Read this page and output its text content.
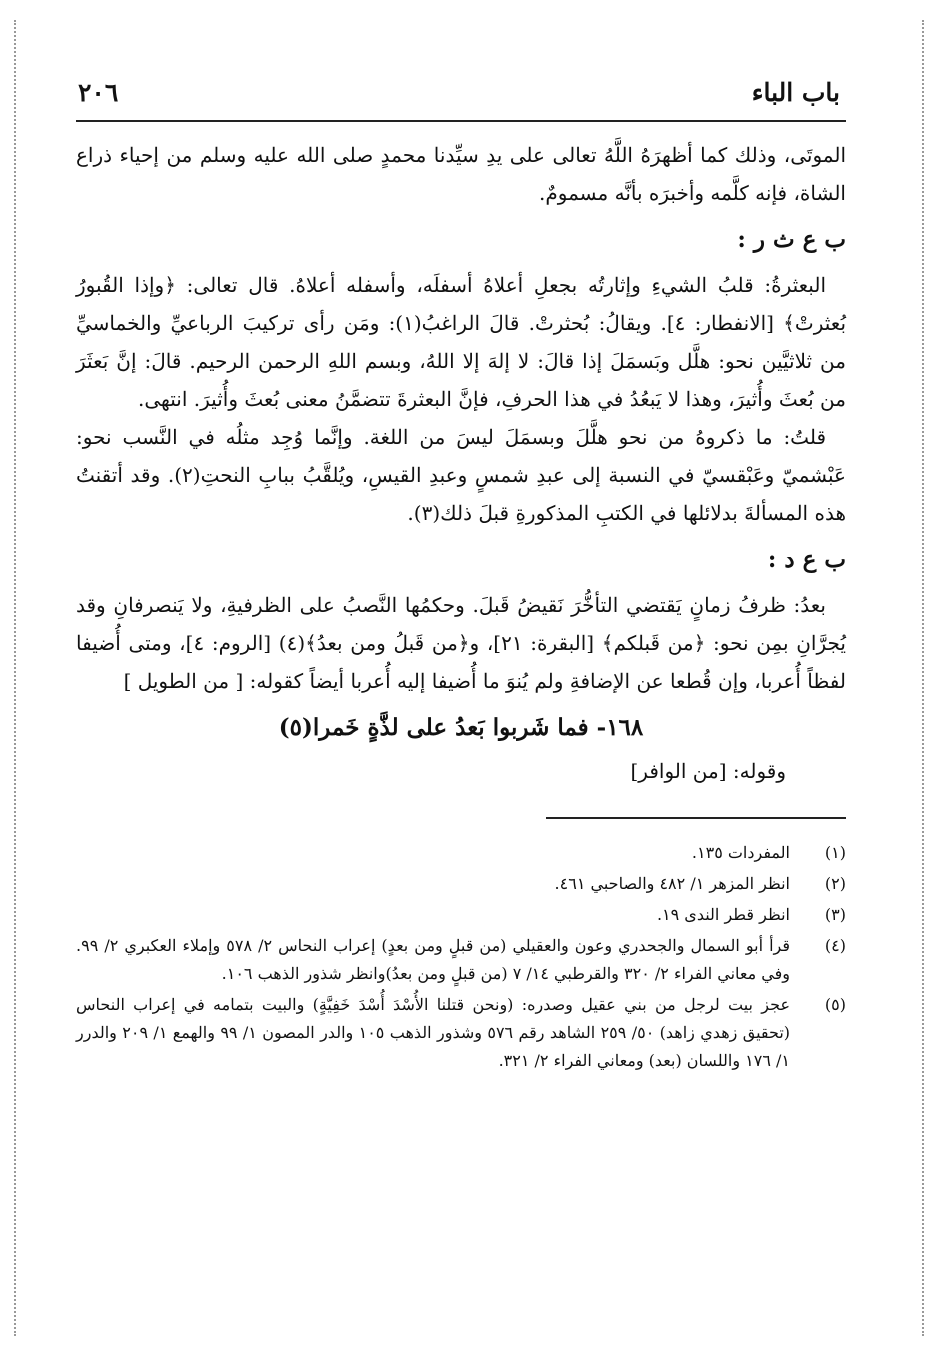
باب الباء
٢٠٦

الموتَى، وذلك كما أظهرَهُ اللَّهُ تعالى على يدِ سيِّدنا محمدٍ صلى الله عليه وسلم من إحياء ذراع الشاة، فإنه كلَّمه وأخبرَه بأنَّه مسمومٌ.

ب ع ث ر :

البعثرةُ: قلبُ الشيءِ وإثارتُه بجعلِ أعلاهُ أسفلَه، وأسفله أعلاهُ. قال تعالى: ﴿وإذا القُبورُ بُعثرتْ﴾ [الانفطار: ٤]. ويقالُ: بُحثرتْ. قالَ الراغبُ(١): ومَن رأى تركيبَ الرباعيِّ والخماسيِّ من ثلاثيَّين نحو: هلَّل وبَسمَلَ إذا قالَ: لا إلهَ إلا اللهُ، وبسم اللهِ الرحمن الرحيم. قالَ: إنَّ بَعثَرَ من بُعثَ وأُثيرَ، وهذا لا يَبعُدُ في هذا الحرفِ، فإنَّ البعثرةَ تتضمَّنُ معنى بُعثَ وأُثيرَ. انتهى.

قلتُ: ما ذكروهُ من نحو هلَّلَ وبسمَلَ ليسَ من اللغة. وإنَّما وُجِد مثلُه في النَّسب نحو: عَبْشميّ وعَبْقسيّ في النسبة إلى عبدِ شمسٍ وعبدِ القيسِ، ويُلقَّبُ ببابِ النحتِ(٢). وقد أتقنتُ هذه المسألةَ بدلائلها في الكتبِ المذكورةِ قبلَ ذلك(٣).

ب ع د :

بعدُ: ظرفُ زمانٍ يَقتضي التأخُّرَ نَقيضُ قَبلَ. وحكمُها النَّصبُ على الظرفيةِ، ولا يَنصرفانِ وقد يُجرَّانِ بمِن نحو: ﴿من قَبلكم﴾ [البقرة: ٢١]، و﴿من قَبلُ ومن بعدُ﴾(٤) [الروم: ٤]، ومتى أُضيفا لفظاً أُعربا، وإن قُطعا عن الإضافةِ ولم يُنوَ ما أُضيفا إليه أُعربا أيضاً كقوله: [ من الطويل ]

١٦٨- فما شَربوا بَعدُ على لذَّةٍ خَمرا(٥)
وقوله: [من الوافر]
(١)
المفردات ١٣٥.
(٢)
انظر المزهر ١/ ٤٨٢ والصاحبي ٤٦١.
(٣)
انظر قطر الندى ١٩.
(٤)
قرأ أبو السمال والجحدري وعون والعقيلي (من قبلٍ ومن بعدٍ) إعراب النحاس ٢/ ٥٧٨ وإملاء العكبري ٢/ ٩٩. وفي معاني الفراء ٢/ ٣٢٠ والقرطبي ١٤/ ٧ (من قبلٍ ومن بعدُ)وانظر شذور الذهب ١٠٦.
(٥)
عجز بيت لرجل من بني عقيل وصدره: (ونحن قتلنا الأُسْدَ أُسْدَ خَفِيَّةٍ) والبيت بتمامه في إعراب النحاس (تحقيق زهدي زاهد) ٥٠/ ٢٥٩ الشاهد رقم ٥٧٦ وشذور الذهب ١٠٥ والدر المصون ١/ ٩٩ والهمع ١/ ٢٠٩ والدرر ١/ ١٧٦ واللسان (بعد) ومعاني الفراء ٢/ ٣٢١.
